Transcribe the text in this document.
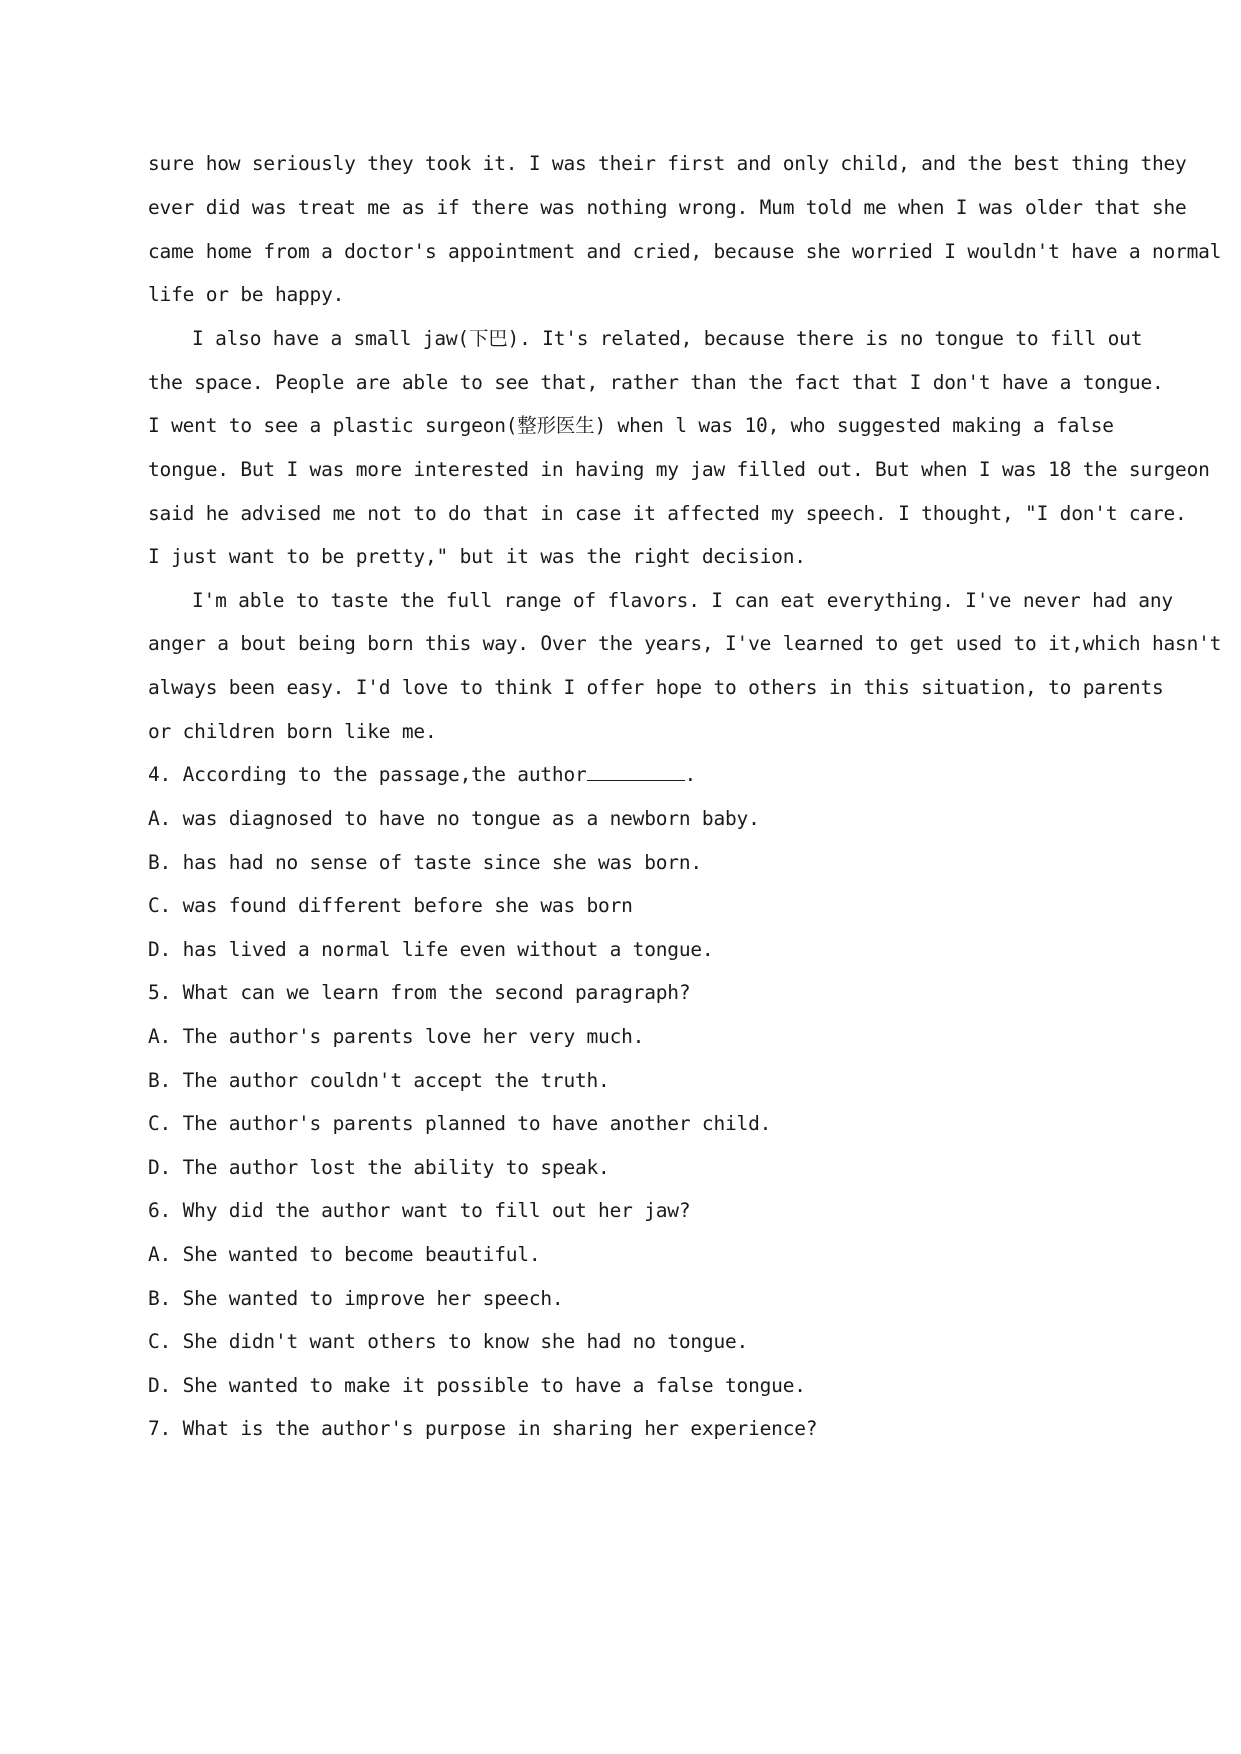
sure how seriously they took it. I was their first and only child, and the best thing they
ever did was treat me as if there was nothing wrong. Mum told me when I was older that she
came home from a doctor's appointment and cried, because she worried I wouldn't have a normal
life or be happy.
I also have a small jaw(下巴). It's related, because there is no tongue to fill out
the space. People are able to see that, rather than the fact that I don't have a tongue.
I went to see a plastic surgeon(整形医生) when l was 10, who suggested making a false
tongue. But I was more interested in having my jaw filled out. But when I was 18 the surgeon
said he advised me not to do that in case it affected my speech. I thought, "I don't care.
I just want to be pretty," but it was the right decision.
I'm able to taste the full range of flavors. I can eat everything. I've never had any
anger a bout being born this way. Over the years, I've learned to get used to it,which hasn't
always been easy. I'd love to think I offer hope to others in this situation, to parents
or children born like me.
4. According to the passage,the author	.
A. was diagnosed to have no tongue as a newborn baby.
B. has had no sense of taste since she was born.
C. was found different before she was born
D. has lived a normal life even without a tongue.
5. What can we learn from the second paragraph?
A. The author's parents love her very much.
B. The author couldn't accept the truth.
C. The author's parents planned to have another child.
D. The author lost the ability to speak.
6. Why did the author want to fill out her jaw?
A. She wanted to become beautiful.
B. She wanted to improve her speech.
C. She didn't want others to know she had no tongue.
D. She wanted to make it possible to have a false tongue.
7. What is the author's purpose in sharing her experience?
